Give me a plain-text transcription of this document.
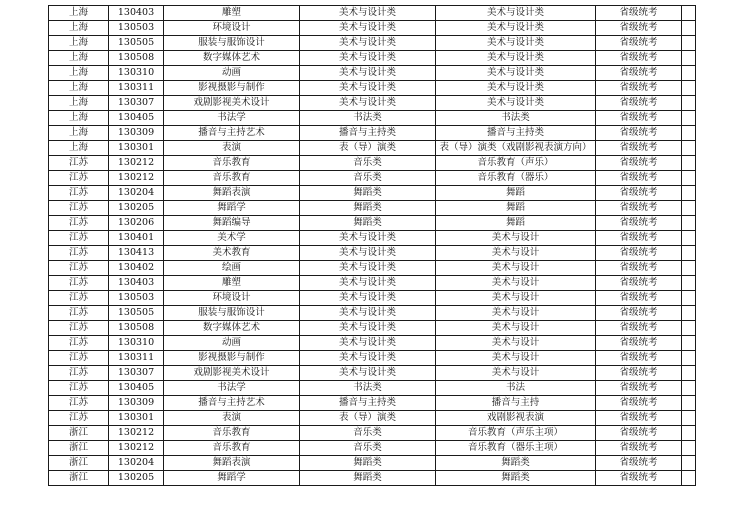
上海	130403	雕塑	美术与设计类	美术与设计类	省级统考	
上海	130503	环境设计	美术与设计类	美术与设计类	省级统考	
上海	130505	服装与服饰设计	美术与设计类	美术与设计类	省级统考	
上海	130508	数字媒体艺术	美术与设计类	美术与设计类	省级统考	
上海	130310	动画	美术与设计类	美术与设计类	省级统考	
上海	130311	影视摄影与制作	美术与设计类	美术与设计类	省级统考	
上海	130307	戏剧影视美术设计	美术与设计类	美术与设计类	省级统考	
上海	130405	书法学	书法类	书法类	省级统考	
上海	130309	播音与主持艺术	播音与主持类	播音与主持类	省级统考	
上海	130301	表演	表（导）演类	表（导）演类（戏剧影视表演方向）	省级统考	
江苏	130212	音乐教育	音乐类	音乐教育（声乐）	省级统考	
江苏	130212	音乐教育	音乐类	音乐教育（器乐）	省级统考	
江苏	130204	舞蹈表演	舞蹈类	舞蹈	省级统考	
江苏	130205	舞蹈学	舞蹈类	舞蹈	省级统考	
江苏	130206	舞蹈编导	舞蹈类	舞蹈	省级统考	
江苏	130401	美术学	美术与设计类	美术与设计	省级统考	
江苏	130413	美术教育	美术与设计类	美术与设计	省级统考	
江苏	130402	绘画	美术与设计类	美术与设计	省级统考	
江苏	130403	雕塑	美术与设计类	美术与设计	省级统考	
江苏	130503	环境设计	美术与设计类	美术与设计	省级统考	
江苏	130505	服装与服饰设计	美术与设计类	美术与设计	省级统考	
江苏	130508	数字媒体艺术	美术与设计类	美术与设计	省级统考	
江苏	130310	动画	美术与设计类	美术与设计	省级统考	
江苏	130311	影视摄影与制作	美术与设计类	美术与设计	省级统考	
江苏	130307	戏剧影视美术设计	美术与设计类	美术与设计	省级统考	
江苏	130405	书法学	书法类	书法	省级统考	
江苏	130309	播音与主持艺术	播音与主持类	播音与主持	省级统考	
江苏	130301	表演	表（导）演类	戏剧影视表演	省级统考	
浙江	130212	音乐教育	音乐类	音乐教育（声乐主项）	省级统考	
浙江	130212	音乐教育	音乐类	音乐教育（器乐主项）	省级统考	
浙江	130204	舞蹈表演	舞蹈类	舞蹈类	省级统考	
浙江	130205	舞蹈学	舞蹈类	舞蹈类	省级统考	
